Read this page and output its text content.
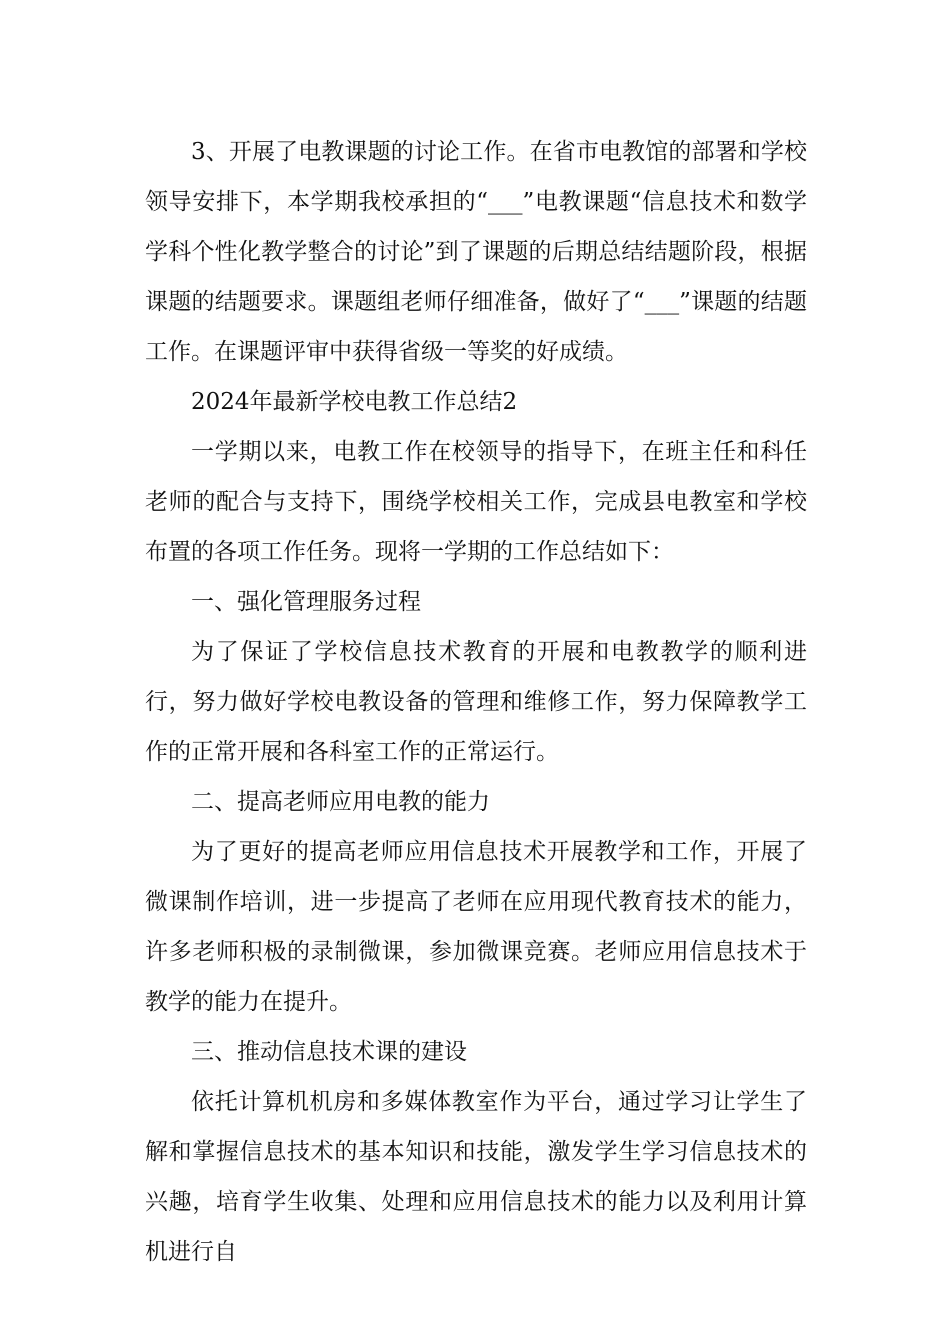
3、开展了电教课题的讨论工作。在省市电教馆的部署和学校领导安排下，本学期我校承担的“___”电教课题“信息技术和数学学科个性化教学整合的讨论”到了课题的后期总结结题阶段，根据课题的结题要求。课题组老师仔细准备，做好了“___”课题的结题工作。在课题评审中获得省级一等奖的好成绩。

2024年最新学校电教工作总结2

一学期以来，电教工作在校领导的指导下，在班主任和科任老师的配合与支持下，围绕学校相关工作，完成县电教室和学校布置的各项工作任务。现将一学期的工作总结如下：

一、强化管理服务过程

为了保证了学校信息技术教育的开展和电教教学的顺利进行，努力做好学校电教设备的管理和维修工作，努力保障教学工作的正常开展和各科室工作的正常运行。

二、提高老师应用电教的能力

为了更好的提高老师应用信息技术开展教学和工作，开展了微课制作培训，进一步提高了老师在应用现代教育技术的能力，许多老师积极的录制微课，参加微课竞赛。老师应用信息技术于教学的能力在提升。

三、推动信息技术课的建设

依托计算机机房和多媒体教室作为平台，通过学习让学生了解和掌握信息技术的基本知识和技能，激发学生学习信息技术的兴趣，培育学生收集、处理和应用信息技术的能力以及利用计算机进行自
